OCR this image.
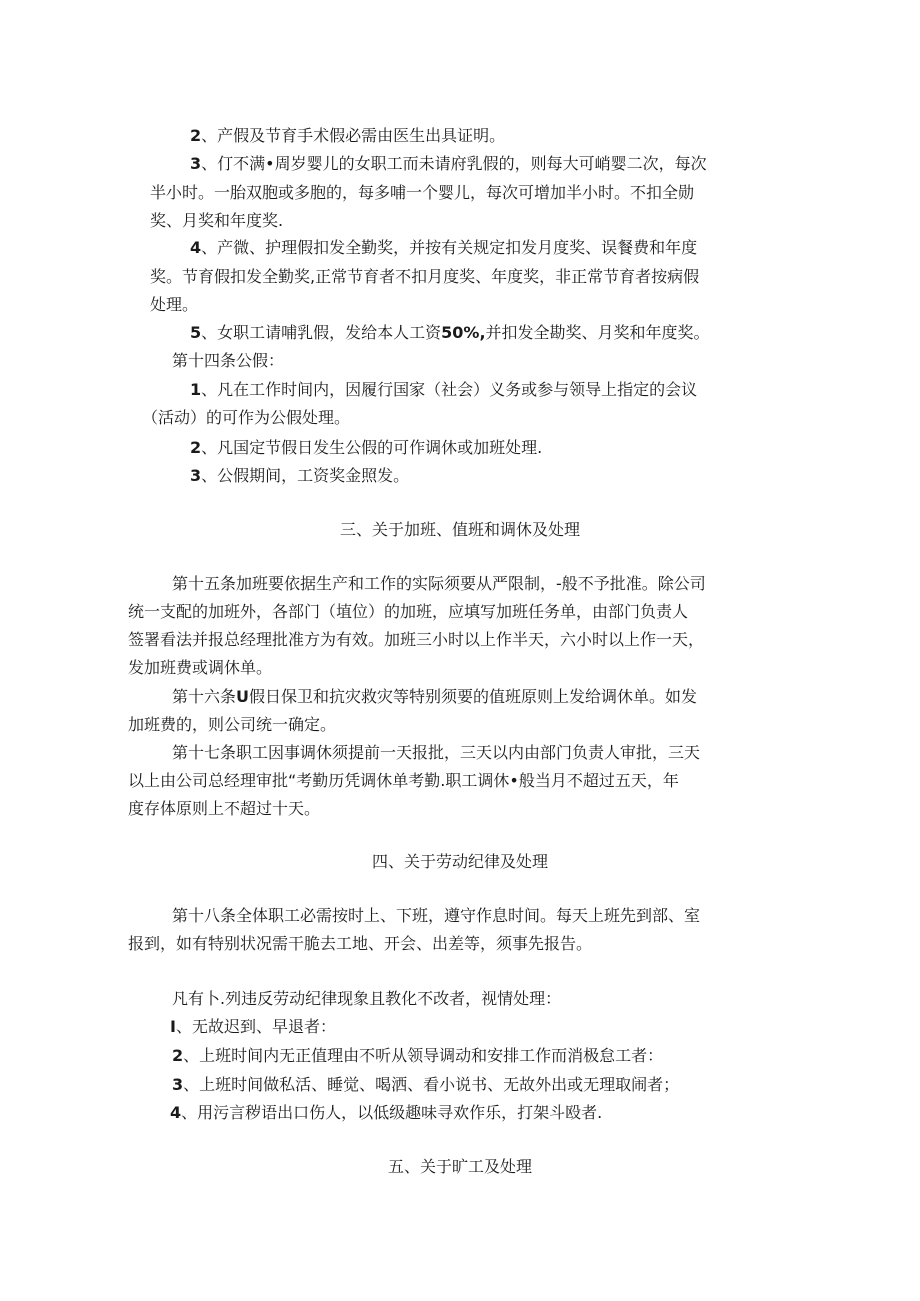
2、产假及节育手术假必需由医生出具证明。
3、仃不满•周岁婴儿的女职工而未请府乳假的，则每大可峭婴二次，每次
半小时。一胎双胞或多胞的，每多哺一个婴儿，每次可增加半小时。不扣全勋
奖、月奖和年度奖.
4、产微、护理假扣发全勤奖，并按有关规定扣发月度奖、误餐费和年度
奖。节育假扣发全勤奖,正常节育者不扣月度奖、年度奖，非正常节育者按病假
处理。
5、女职工请哺乳假，发给本人工资50%,并扣发全勘奖、月奖和年度奖。
第十四条公假：
1、凡在工作时间内，因履行国家（社会）义务或参与领导上指定的会议
（活动）的可作为公假处理。
2、凡国定节假日发生公假的可作调休或加班处理.
3、公假期间，工资奖金照发。
三、关于加班、值班和调休及处理
第十五条加班要依据生产和工作的实际须要从严限制，-般不予批准。除公司
统一支配的加班外，各部门（埴位）的加班，应填写加班任务单，由部门负责人
签署看法并报总经理批准方为有效。加班三小时以上作半天，六小时以上作一天，
发加班费或调休单。
第十六条U假日保卫和抗灾救灾等特别须要的值班原则上发给调休单。如发
加班费的，则公司统一确定。
第十七条职工因事调休须提前一天报批，三天以内由部门负责人审批，三天
以上由公司总经理审批“考勤历凭调休单考勤.职工调休•般当月不超过五天，年
度存体原则上不超过十天。
四、关于劳动纪律及处理
第十八条全体职工必需按时上、下班，遵守作息时间。每天上班先到部、室
报到，如有特别状况需干脆去工地、开会、出差等，须事先报告。
凡有卜.列违反劳动纪律现象且教化不改者，视情处理：
I、无故迟到、早退者：
2、上班时间内无正值理由不听从领导调动和安排工作而消极怠工者：
3、上班时间做私活、睡觉、喝洒、看小说书、无故外出或无理取闹者；
4、用污言秽语出口伤人，以低级趣味寻欢作乐，打架斗殴者.
五、关于旷工及处理
